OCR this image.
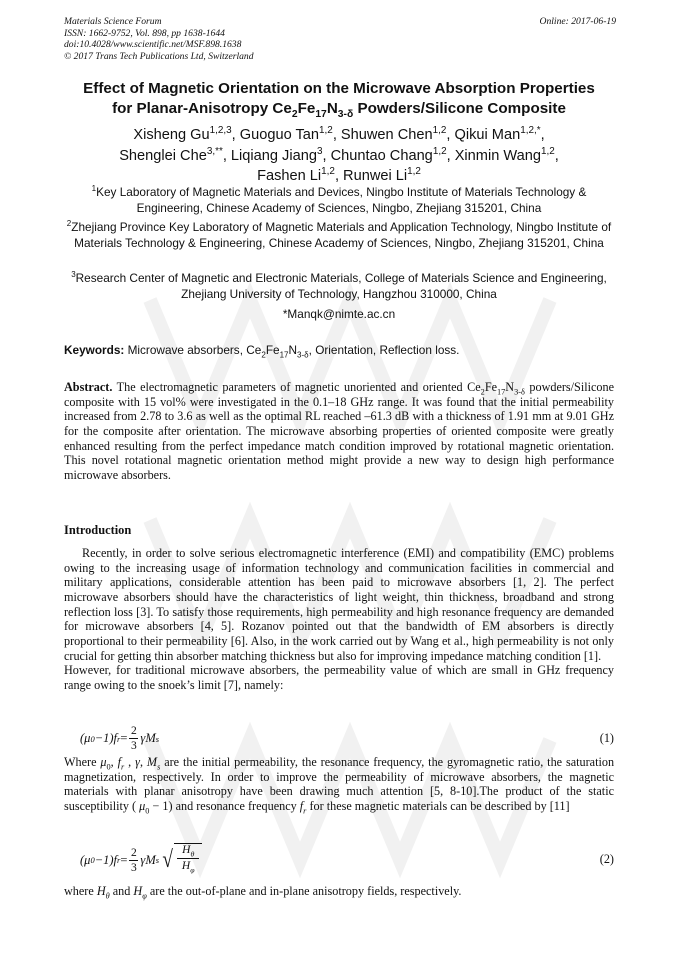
Materials Science Forum
ISSN: 1662-9752, Vol. 898, pp 1638-1644
doi:10.4028/www.scientific.net/MSF.898.1638
© 2017 Trans Tech Publications Ltd, Switzerland
Online: 2017-06-19
Effect of Magnetic Orientation on the Microwave Absorption Properties
for Planar-Anisotropy $Ce_2Fe_{17}N_{3-\delta}$ Powders/Silicone Composite
Xisheng Gu$^{1,2,3}$, Guoguo Tan$^{1,2}$, Shuwen Chen$^{1,2}$, Qikui Man$^{1,2,*}$,
Shenglei Che$^{3,**}$, Liqiang Jiang$^3$, Chuntao Chang$^{1,2}$, Xinmin Wang$^{1,2}$,
Fashen Li$^{1,2}$, Runwei Li$^{1,2}$
$^1$Key Laboratory of Magnetic Materials and Devices, Ningbo Institute of Materials Technology & Engineering, Chinese Academy of Sciences, Ningbo, Zhejiang 315201, China
$^2$Zhejiang Province Key Laboratory of Magnetic Materials and Application Technology, Ningbo Institute of Materials Technology & Engineering, Chinese Academy of Sciences, Ningbo, Zhejiang 315201, China
$^3$Research Center of Magnetic and Electronic Materials, College of Materials Science and Engineering, Zhejiang University of Technology, Hangzhou 310000, China
*Manqk@nimte.ac.cn
Keywords: Microwave absorbers, $Ce_2Fe_{17}N_{3-\delta}$, Orientation, Reflection loss.
Abstract. The electromagnetic parameters of magnetic unoriented and oriented $Ce_2Fe_{17}N_{3-\delta}$ powders/Silicone composite with 15 vol% were investigated in the 0.1–18 GHz range. It was found that the initial permeability increased from 2.78 to 3.6 as well as the optimal RL reached –61.3 dB with a thickness of 1.91 mm at 9.01 GHz for the composite after orientation. The microwave absorbing properties of oriented composite were greatly enhanced resulting from the perfect impedance match condition improved by rotational magnetic orientation. This novel rotational magnetic orientation method might provide a new way to design high performance microwave absorbers.
Introduction

Recently, in order to solve serious electromagnetic interference (EMI) and compatibility (EMC) problems owing to the increasing usage of information technology and communication facilities in commercial and military applications, considerable attention has been paid to microwave absorbers [1, 2]. The perfect microwave absorbers should have the characteristics of light weight, thin thickness, broadband and strong reflection loss [3]. To satisfy those requirements, high permeability and high resonance frequency are demanded for microwave absorbers [4, 5]. Rozanov pointed out that the bandwidth of EM absorbers is directly proportional to their permeability [6]. Also, in the work carried out by Wang et al., high permeability is not only crucial for getting thin absorber matching thickness but also for improving impedance matching condition [1].

However, for traditional microwave absorbers, the permeability value of which are small in GHz frequency range owing to the snoek’s limit [7], namely:

(μ 0 −1)f $r = \frac{2}{3}$ γM s	(1)
Where $\mu_0$, $f_r$ , γ, $M_s$ are the initial permeability, the resonance frequency, the gyromagnetic ratio, the saturation magnetization, respectively. In order to improve the permeability of microwave absorbers, the magnetic materials with planar anisotropy have been drawing much attention [5, 8-10].The product of the static susceptibility ( $\mu_0 - 1$) and resonance frequency $f_r$ for these magnetic materials can be described by [11]
(μ 0 −1)f $r = \frac{2}{3}$ γM s √ $H_\theta$
$H_\varphi$
(2)
where $H_\theta$ and $H_\varphi$ are the out-of-plane and in-plane anisotropy fields, respectively.
